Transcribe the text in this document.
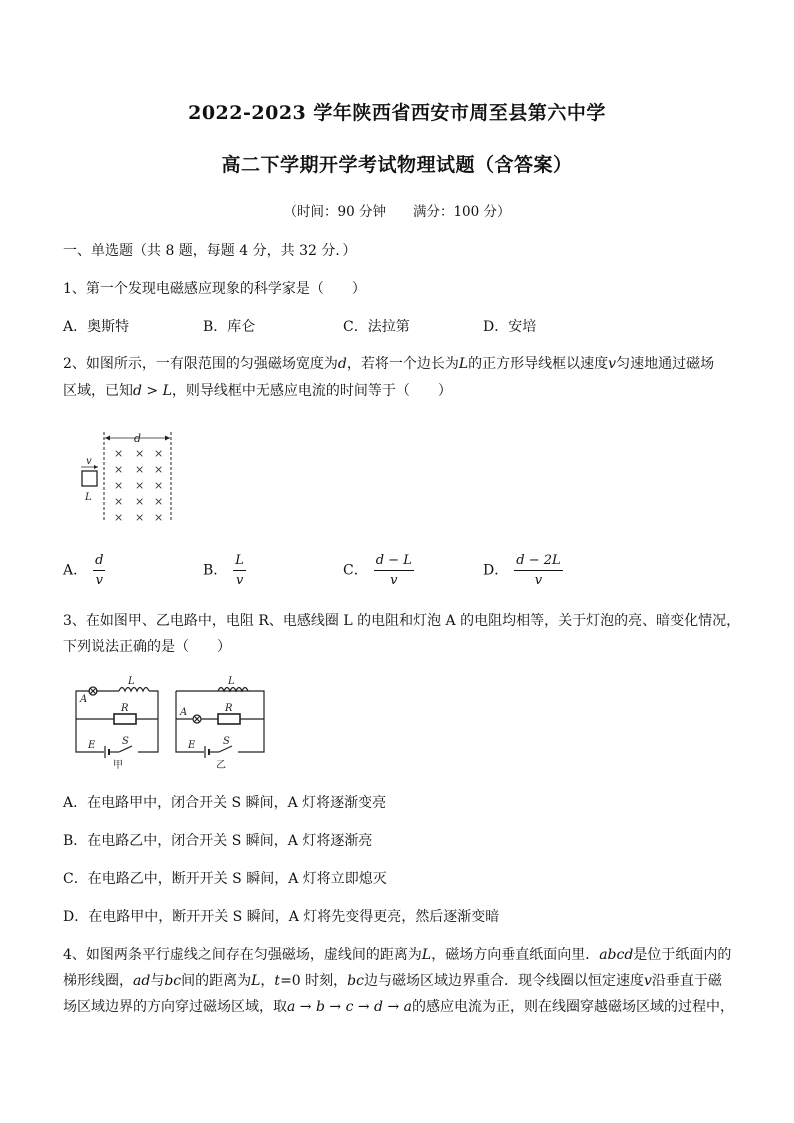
2022-2023 学年陕西省西安市周至县第六中学
高二下学期开学考试物理试题（含答案）
（时间：90 分钟　　满分：100 分）
一、单选题（共 8 题，每题 4 分，共 32 分．）
1、第一个发现电磁感应现象的科学家是（　　）
A．奥斯特	B．库仑	C．法拉第	D．安培
2、如图所示，一有限范围的匀强磁场宽度为d，若将一个边长为L的正方形导线框以速度v匀速地通过磁场
区域，已知d > L，则导线框中无感应电流的时间等于（　　）
d
v
L
× × ×
× × ×
× × ×
× × ×
× × ×
A． $\frac{d}{v}$	B． $\frac{L}{v}$	C． $\frac{d - L}{v}$	D． $\frac{d - 2L}{v}$
3、在如图甲、乙电路中，电阻 R、电感线圈 L 的电阻和灯泡 A 的电阻均相等，关于灯泡的亮、暗变化情况，
下列说法正确的是（　　）
A
L
R
E	S
L
A	R
E	S
甲	乙
A．在电路甲中，闭合开关 S 瞬间，A 灯将逐渐变亮
B．在电路乙中，闭合开关 S 瞬间，A 灯将逐渐亮
C．在电路乙中，断开开关 S 瞬间，A 灯将立即熄灭
D．在电路甲中，断开开关 S 瞬间，A 灯将先变得更亮，然后逐渐变暗
4、如图两条平行虚线之间存在匀强磁场，虚线间的距离为L，磁场方向垂直纸面向里．abcd是位于纸面内的
梯形线圈，ad与bc间的距离为L，t=0 时刻，bc边与磁场区域边界重合．现令线圈以恒定速度v沿垂直于磁
场区域边界的方向穿过磁场区域，取a → b → c → d → a的感应电流为正，则在线圈穿越磁场区域的过程中，
